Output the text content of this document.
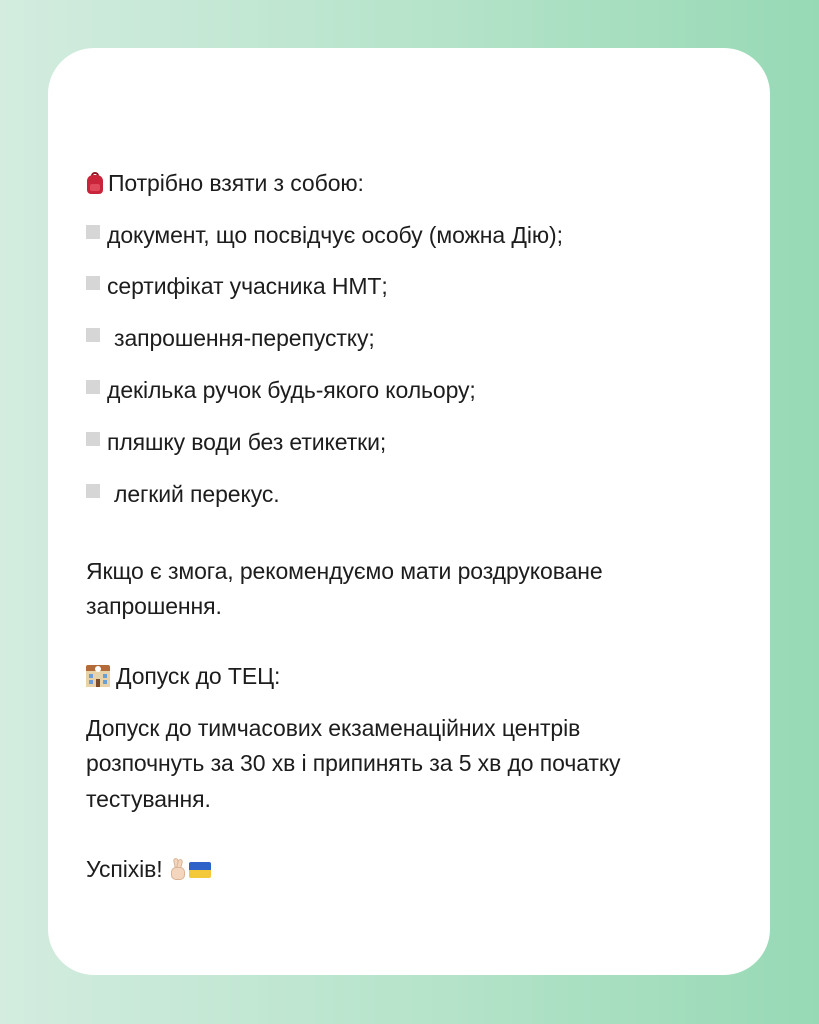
Потрібно взяти з собою:
документ, що посвідчує особу (можна Дію);
сертифікат учасника НМТ;
запрошення-перепустку;
декілька ручок будь-якого кольору;
пляшку води без етикетки;
легкий перекус.
Якщо є змога, рекомендуємо мати роздруковане
запрошення.
Допуск до ТЕЦ:
Допуск до тимчасових екзаменаційних центрів
розпочнуть за 30 хв і припинять за 5 хв до початку
тестування.
Успіхів!
